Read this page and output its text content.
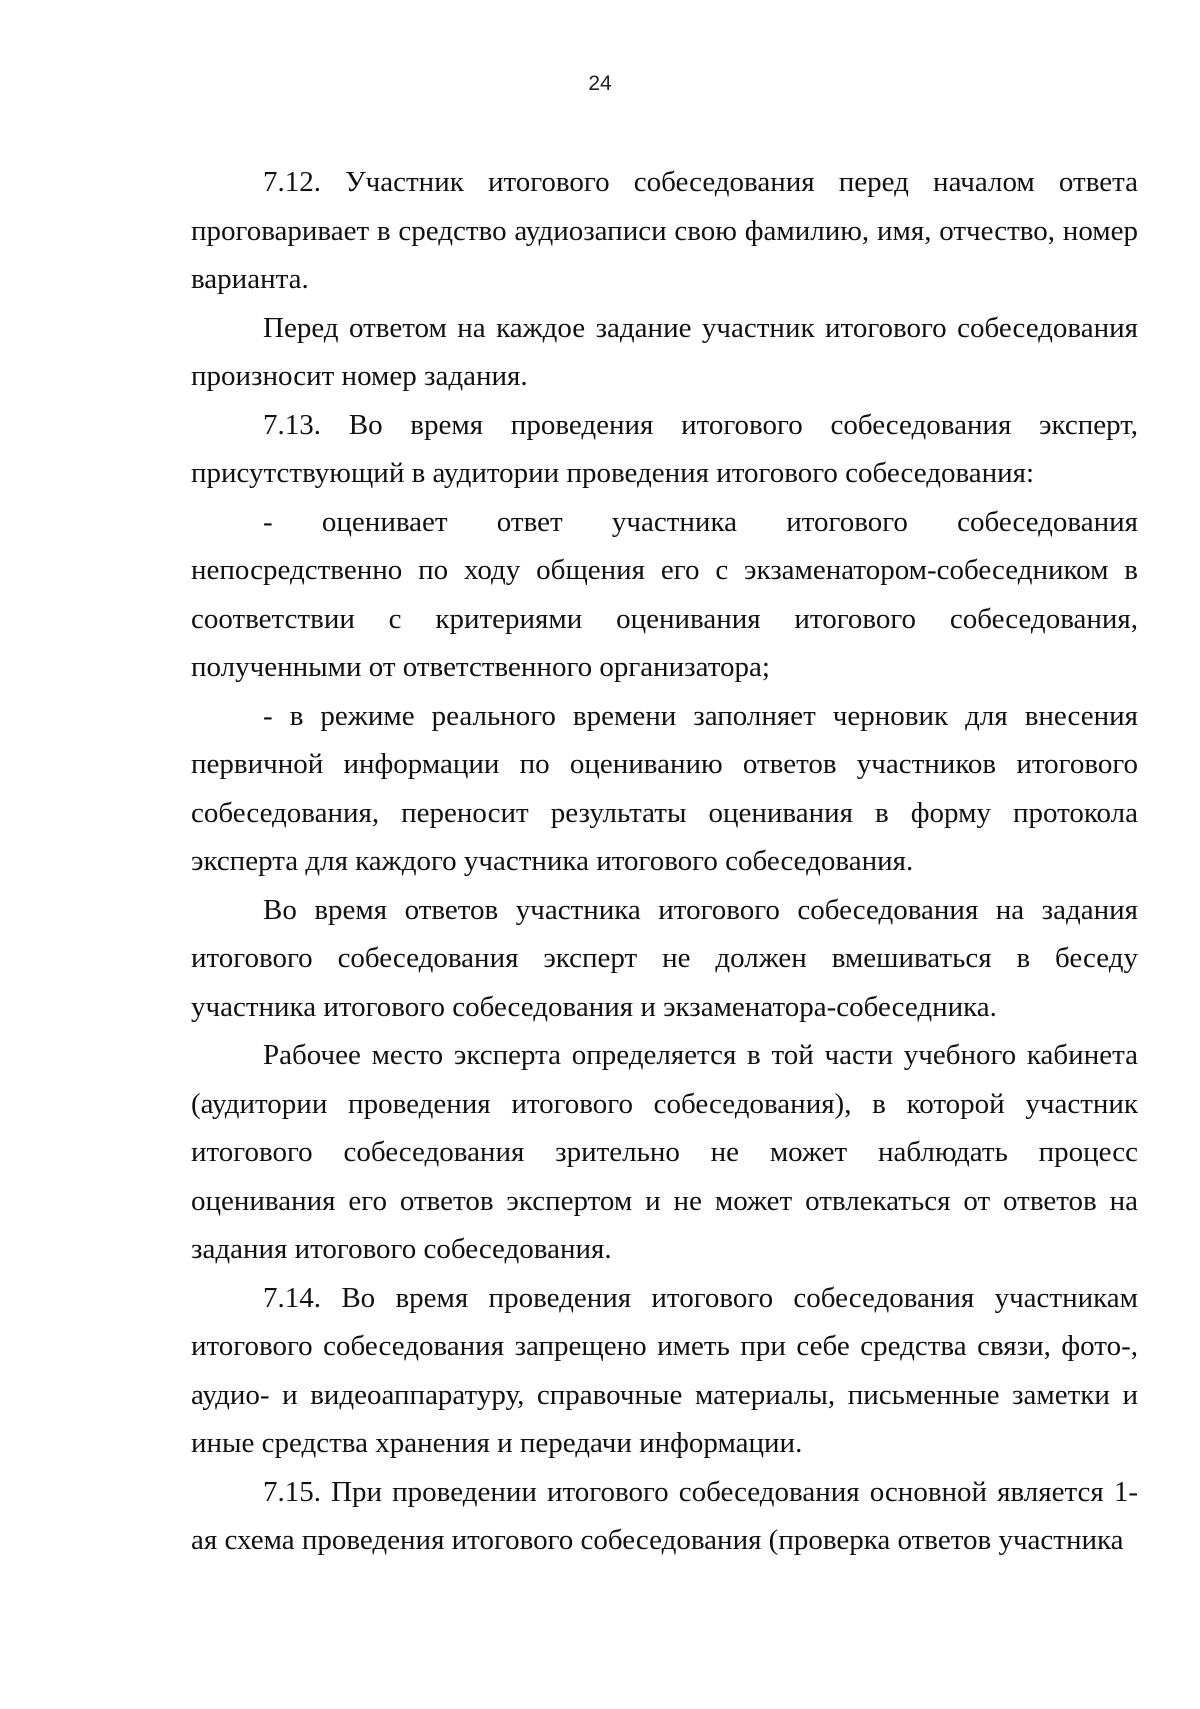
24

7.12. Участник итогового собеседования перед началом ответа проговаривает в средство аудиозаписи свою фамилию, имя, отчество, номер варианта.

Перед ответом на каждое задание участник итогового собеседования произносит номер задания.

7.13. Во время проведения итогового собеседования эксперт, присутствующий в аудитории проведения итогового собеседования:

- оценивает ответ участника итогового собеседования непосредственно по ходу общения его с экзаменатором-собеседником в соответствии с критериями оценивания итогового собеседования, полученными от ответственного организатора;

- в режиме реального времени заполняет черновик для внесения первичной информации по оцениванию ответов участников итогового собеседования, переносит результаты оценивания в форму протокола эксперта для каждого участника итогового собеседования.

Во время ответов участника итогового собеседования на задания итогового собеседования эксперт не должен вмешиваться в беседу участника итогового собеседования и экзаменатора-собеседника.

Рабочее место эксперта определяется в той части учебного кабинета (аудитории проведения итогового собеседования), в которой участник итогового собеседования зрительно не может наблюдать процесс оценивания его ответов экспертом и не может отвлекаться от ответов на задания итогового собеседования.

7.14. Во время проведения итогового собеседования участникам итогового собеседования запрещено иметь при себе средства связи, фото-, аудио- и видеоаппаратуру, справочные материалы, письменные заметки и иные средства хранения и передачи информации.

7.15. При проведении итогового собеседования основной является 1-ая схема проведения итогового собеседования (проверка ответов участника
